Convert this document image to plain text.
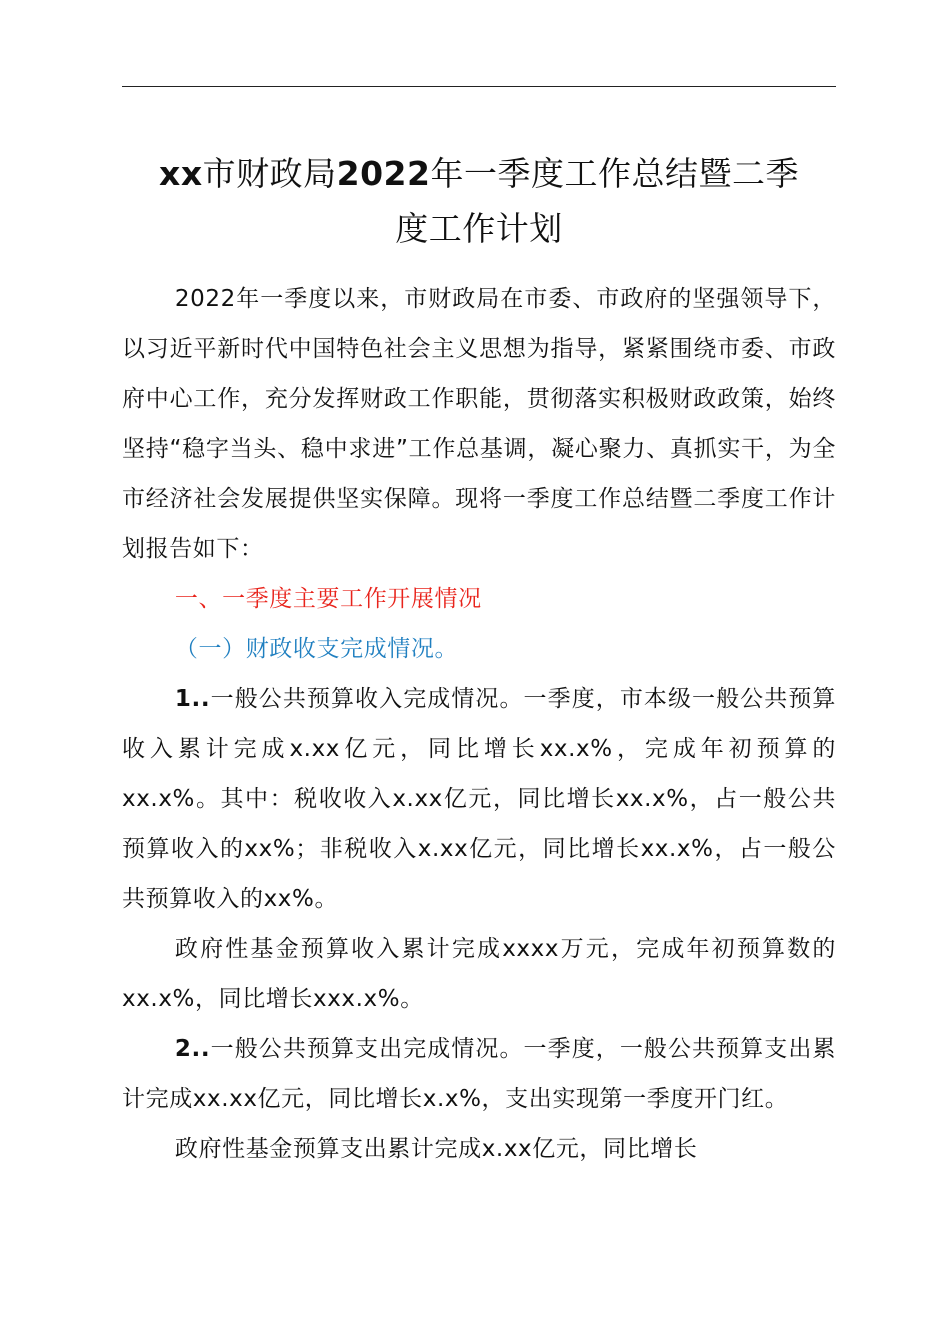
xx市财政局2022年一季度工作总结暨二季
度工作计划

2022年一季度以来，市财政局在市委、市政府的坚强领导下，以习近平新时代中国特色社会主义思想为指导，紧紧围绕市委、市政府中心工作，充分发挥财政工作职能，贯彻落实积极财政政策，始终坚持“稳字当头、稳中求进”工作总基调，凝心聚力、真抓实干，为全市经济社会发展提供坚实保障。现将一季度工作总结暨二季度工作计划报告如下：

一、一季度主要工作开展情况

（一）财政收支完成情况。

1..一般公共预算收入完成情况。一季度，市本级一般公共预算收入累计完成x.xx亿元，同比增长xx.x%，完成年初预算的xx.x%。其中：税收收入x.xx亿元，同比增长xx.x%，占一般公共预算收入的xx%；非税收入x.xx亿元，同比增长xx.x%，占一般公共预算收入的xx%。

政府性基金预算收入累计完成xxxx万元，完成年初预算数的xx.x%，同比增长xxx.x%。

2..一般公共预算支出完成情况。一季度，一般公共预算支出累计完成xx.xx亿元，同比增长x.x%，支出实现第一季度开门红。

政府性基金预算支出累计完成x.xx亿元，同比增长
